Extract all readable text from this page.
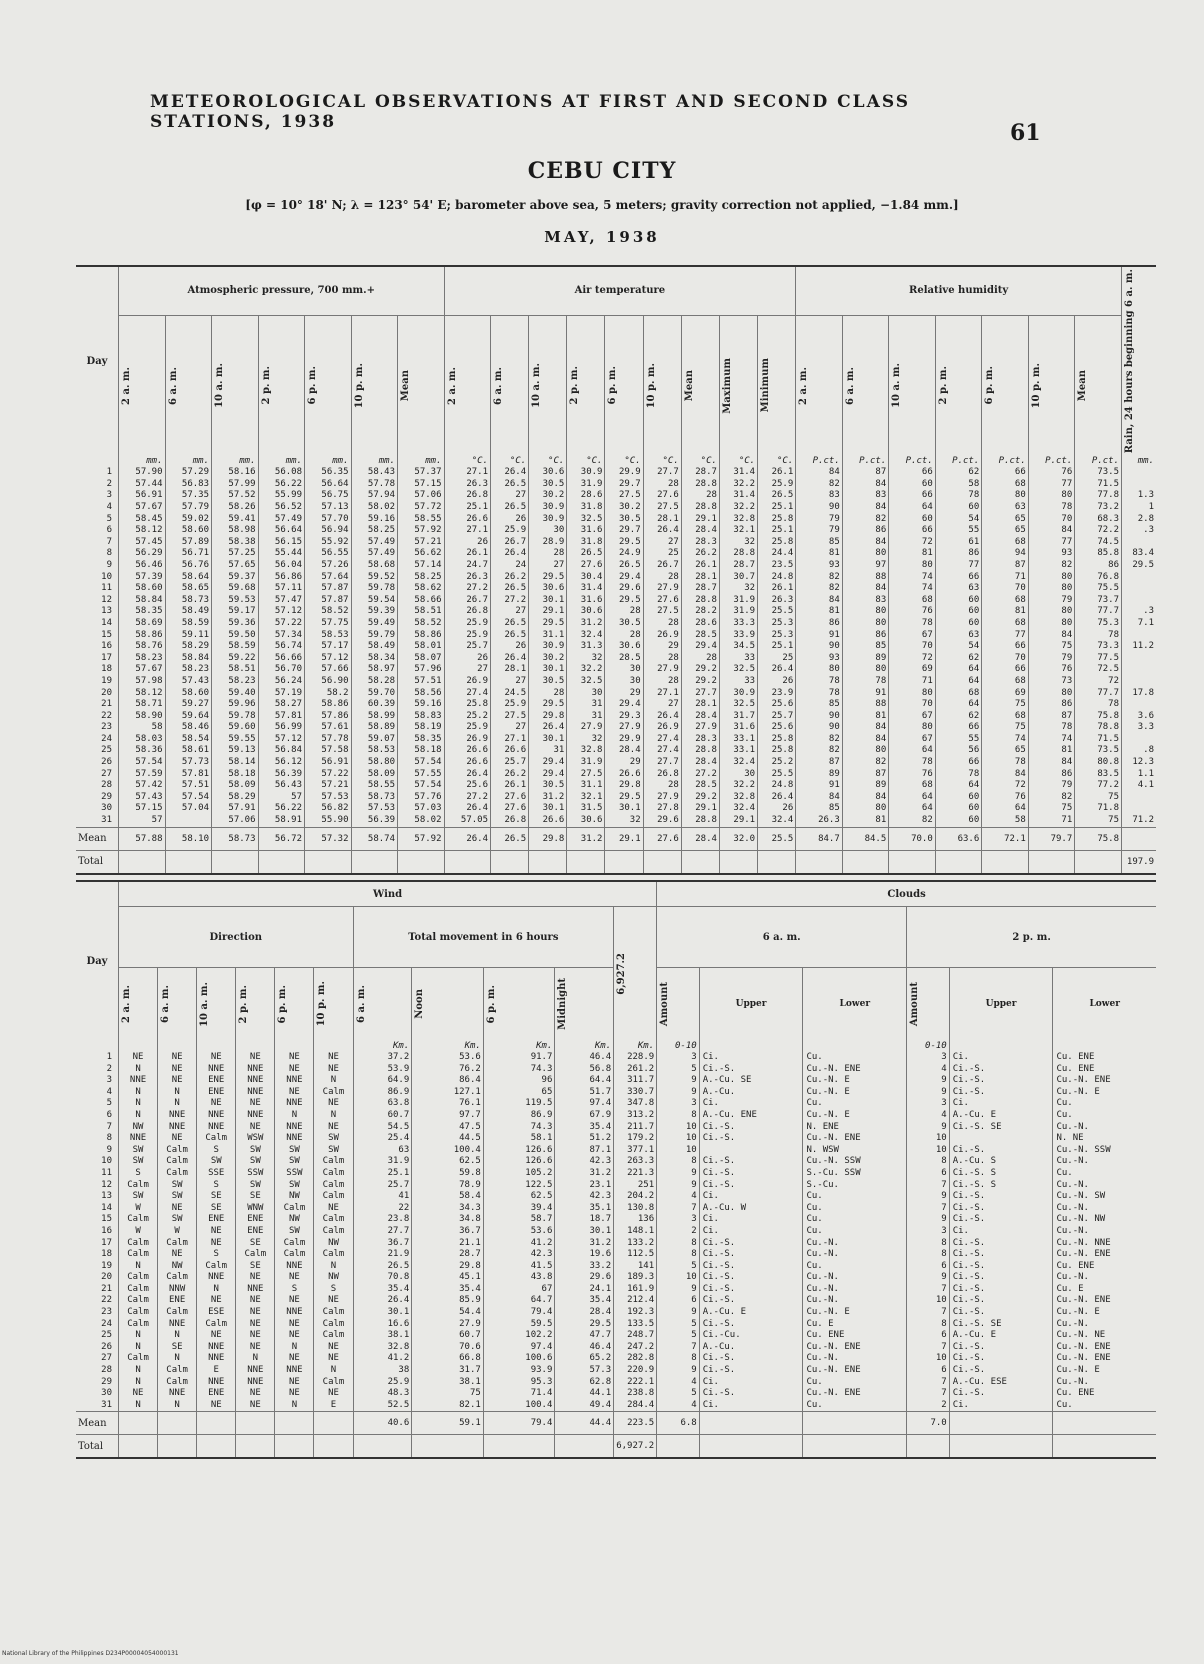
METEOROLOGICAL OBSERVATIONS AT FIRST AND SECOND CLASS STATIONS, 1938	61
CEBU CITY
[φ = 10° 18' N; λ = 123° 54' E; barometer above sea, 5 meters; gravity correction not applied, −1.84 mm.]
MAY, 1938
Day	Atmospheric pressure, 700 mm.+							Air temperature									Relative humidity							Rain, 24 hours beginning 6 a. m.

	2 a. m.	6 a. m.	10 a. m.	2 p. m.	6 p. m.	10 p. m.	Mean	2 a. m.	6 a. m.	10 a. m.	2 p. m.	6 p. m.	10 p. m.	Mean	Maximum	Minimum	2 a. m.	6 a. m.	10 a. m.	2 p. m.	6 p. m.	10 p. m.	Mean	

	mm.	mm.	mm.	mm.	mm.	mm.	mm.	°C.	°C.	°C.	°C.	°C.	°C.	°C.	°C.	°C.	P.ct.	P.ct.	P.ct.	P.ct.	P.ct.	P.ct.	P.ct.	mm.
1	57.90	57.29	58.16	56.08	56.35	58.43	57.37	27.1	26.4	30.6	30.9	29.9	27.7	28.7	31.4	26.1	84	87	66	62	66	76	73.5	
2	57.44	56.83	57.99	56.22	56.64	57.78	57.15	26.3	26.5	30.5	31.9	29.7	28	28.8	32.2	25.9	82	84	60	58	68	77	71.5	
3	56.91	57.35	57.52	55.99	56.75	57.94	57.06	26.8	27	30.2	28.6	27.5	27.6	28	31.4	26.5	83	83	66	78	80	80	77.8	1.3
4	57.67	57.79	58.26	56.52	57.13	58.02	57.72	25.1	26.5	30.9	31.8	30.2	27.5	28.8	32.2	25.1	90	84	64	60	63	78	73.2	1
5	58.45	59.02	59.41	57.49	57.70	59.16	58.55	26.6	26	30.9	32.5	30.5	28.1	29.1	32.8	25.8	79	82	60	54	65	70	68.3	2.8
6	58.12	58.60	58.98	56.64	56.94	58.25	57.92	27.1	25.9	30	31.6	29.7	26.4	28.4	32.1	25.1	79	86	66	55	65	84	72.2	.3
7	57.45	57.89	58.38	56.15	55.92	57.49	57.21	26	26.7	28.9	31.8	29.5	27	28.3	32	25.8	85	84	72	61	68	77	74.5	
8	56.29	56.71	57.25	55.44	56.55	57.49	56.62	26.1	26.4	28	26.5	24.9	25	26.2	28.8	24.4	81	80	81	86	94	93	85.8	83.4
9	56.46	56.76	57.65	56.04	57.26	58.68	57.14	24.7	24	27	27.6	26.5	26.7	26.1	28.7	23.5	93	97	80	77	87	82	86	29.5
10	57.39	58.64	59.37	56.86	57.64	59.52	58.25	26.3	26.2	29.5	30.4	29.4	28	28.1	30.7	24.8	82	88	74	66	71	80	76.8	
11	58.60	58.65	59.68	57.11	57.87	59.78	58.62	27.2	26.5	30.6	31.4	29.6	27.9	28.7	32	26.1	82	84	74	63	70	80	75.5	
12	58.84	58.73	59.53	57.47	57.87	59.54	58.66	26.7	27.2	30.1	31.6	29.5	27.6	28.8	31.9	26.3	84	83	68	60	68	79	73.7	
13	58.35	58.49	59.17	57.12	58.52	59.39	58.51	26.8	27	29.1	30.6	28	27.5	28.2	31.9	25.5	81	80	76	60	81	80	77.7	.3
14	58.69	58.59	59.36	57.22	57.75	59.49	58.52	25.9	26.5	29.5	31.2	30.5	28	28.6	33.3	25.3	86	80	78	60	68	80	75.3	7.1
15	58.86	59.11	59.50	57.34	58.53	59.79	58.86	25.9	26.5	31.1	32.4	28	26.9	28.5	33.9	25.3	91	86	67	63	77	84	78	
16	58.76	58.29	58.59	56.74	57.17	58.49	58.01	25.7	26	30.9	31.3	30.6	29	29.4	34.5	25.1	90	85	70	54	66	75	73.3	11.2
17	58.23	58.84	59.22	56.66	57.12	58.34	58.07	26	26.4	30.2	32	28.5	28	28	33	25	93	89	72	62	70	79	77.5	
18	57.67	58.23	58.51	56.70	57.66	58.97	57.96	27	28.1	30.1	32.2	30	27.9	29.2	32.5	26.4	80	80	69	64	66	76	72.5	
19	57.98	57.43	58.23	56.24	56.90	58.28	57.51	26.9	27	30.5	32.5	30	28	29.2	33	26	78	78	71	64	68	73	72	
20	58.12	58.60	59.40	57.19	58.2	59.70	58.56	27.4	24.5	28	30	29	27.1	27.7	30.9	23.9	78	91	80	68	69	80	77.7	17.8
21	58.71	59.27	59.96	58.27	58.86	60.39	59.16	25.8	25.9	29.5	31	29.4	27	28.1	32.5	25.6	85	88	70	64	75	86	78	
22	58.90	59.64	59.78	57.81	57.86	58.99	58.83	25.2	27.5	29.8	31	29.3	26.4	28.4	31.7	25.7	90	81	67	62	68	87	75.8	3.6
23	58	58.46	59.60	56.99	57.61	58.89	58.19	25.9	27	26.4	27.9	27.9	26.9	27.9	31.6	25.6	90	84	80	66	75	78	78.8	3.3
24	58.03	58.54	59.55	57.12	57.78	59.07	58.35	26.9	27.1	30.1	32	29.9	27.4	28.3	33.1	25.8	82	84	67	55	74	74	71.5	
25	58.36	58.61	59.13	56.84	57.58	58.53	58.18	26.6	26.6	31	32.8	28.4	27.4	28.8	33.1	25.8	82	80	64	56	65	81	73.5	.8
26	57.54	57.73	58.14	56.12	56.91	58.80	57.54	26.6	25.7	29.4	31.9	29	27.7	28.4	32.4	25.2	87	82	78	66	78	84	80.8	12.3
27	57.59	57.81	58.18	56.39	57.22	58.09	57.55	26.4	26.2	29.4	27.5	26.6	26.8	27.2	30	25.5	89	87	76	78	84	86	83.5	1.1
28	57.42	57.51	58.09	56.43	57.21	58.55	57.54	25.6	26.1	30.5	31.1	29.8	28	28.5	32.2	24.8	91	89	68	64	72	79	77.2	4.1
29	57.43	57.54	58.29	57	57.53	58.73	57.76	27.2	27.6	31.2	32.1	29.5	27.9	29.2	32.8	26.4	84	84	64	60	76	82	75	
30	57.15	57.04	57.91	56.22	56.82	57.53	57.03	26.4	27.6	30.1	31.5	30.1	27.8	29.1	32.4	26	85	80	64	60	64	75	71.8	
31	57		57.06	58.91	55.90	56.39	58.02	57.05	26.8	26.6	30.6	32	29.6	28.8	29.1	32.4	26.3	81	82	60	58	71	75	71.2
Mean	57.88	58.10	58.73	56.72	57.32	58.74	57.92	26.4	26.5	29.8	31.2	29.1	27.6	28.4	32.0	25.5	84.7	84.5	70.0	63.6	72.1	79.7	75.8	
Total																								197.9
Day	Wind											Clouds					
	Direction						Total movement in 6 hours				6,927.2	6 a. m.			2 p. m.		

	2 a. m.	6 a. m.	10 a. m.	2 p. m.	6 p. m.	10 p. m.	6 a. m.	Noon	6 p. m.	Midnight		Amount	Upper	Lower	Amount	Upper	Lower
							Km.	Km.	Km.	Km.	Km.	0-10			0-10		
1	NE	NE	NE	NE	NE	NE	37.2	53.6	91.7	46.4	228.9	3	Ci.	Cu.	3	Ci.	Cu. ENE
2	N	NE	NNE	NNE	NE	NE	53.9	76.2	74.3	56.8	261.2	5	Ci.-S.	Cu.-N. ENE	4	Ci.-S.	Cu. ENE
3	NNE	NE	ENE	NNE	NNE	N	64.9	86.4	96	64.4	311.7	9	A.-Cu. SE	Cu.-N. E	9	Ci.-S.	Cu.-N. ENE
4	N	N	ENE	NNE	NE	Calm	86.9	127.1	65	51.7	330.7	9	A.-Cu.	Cu.-N. E	9	Ci.-S.	Cu.-N. E
5	N	N	NE	NE	NNE	NE	63.8	76.1	119.5	97.4	347.8	3	Ci.	Cu.	3	Ci.	Cu.
6	N	NNE	NNE	NNE	N	N	60.7	97.7	86.9	67.9	313.2	8	A.-Cu. ENE	Cu.-N. E	4	A.-Cu. E	Cu.
7	NW	NNE	NNE	NE	NNE	NE	54.5	47.5	74.3	35.4	211.7	10	Ci.-S.	N. ENE	9	Ci.-S. SE	Cu.-N.
8	NNE	NE	Calm	WSW	NNE	SW	25.4	44.5	58.1	51.2	179.2	10	Ci.-S.	Cu.-N. ENE	10		N. NE
9	SW	Calm	S	SW	SW	SW	63	100.4	126.6	87.1	377.1	10		N. WSW	10	Ci.-S.	Cu.-N. SSW
10	SW	Calm	SW	SW	SW	Calm	31.9	62.5	126.6	42.3	263.3	8	Ci.-S.	Cu.-N. SSW	8	A.-Cu. S	Cu.-N.
11	S	Calm	SSE	SSW	SSW	Calm	25.1	59.8	105.2	31.2	221.3	9	Ci.-S.	S.-Cu. SSW	6	Ci.-S. S	Cu.
12	Calm	SW	S	SW	SW	Calm	25.7	78.9	122.5	23.1	251	9	Ci.-S.	S.-Cu.	7	Ci.-S. S	Cu.-N.
13	SW	SW	SE	SE	NW	Calm	41	58.4	62.5	42.3	204.2	4	Ci.	Cu.	9	Ci.-S.	Cu.-N. SW
14	W	NE	SE	WNW	Calm	NE	22	34.3	39.4	35.1	130.8	7	A.-Cu. W	Cu.	7	Ci.-S.	Cu.-N.
15	Calm	SW	ENE	ENE	NW	Calm	23.8	34.8	58.7	18.7	136	3	Ci.	Cu.	9	Ci.-S.	Cu.-N. NW
16	W	W	NE	ENE	SW	Calm	27.7	36.7	53.6	30.1	148.1	2	Ci.	Cu.	3	Ci.	Cu.-N.
17	Calm	Calm	NE	SE	Calm	NW	36.7	21.1	41.2	31.2	133.2	8	Ci.-S.	Cu.-N.	8	Ci.-S.	Cu.-N. NNE
18	Calm	NE	S	Calm	Calm	Calm	21.9	28.7	42.3	19.6	112.5	8	Ci.-S.	Cu.-N.	8	Ci.-S.	Cu.-N. ENE
19	N	NW	Calm	SE	NNE	N	26.5	29.8	41.5	33.2	141	5	Ci.-S.	Cu.	6	Ci.-S.	Cu. ENE
20	Calm	Calm	NNE	NE	NE	NW	70.8	45.1	43.8	29.6	189.3	10	Ci.-S.	Cu.-N.	9	Ci.-S.	Cu.-N.
21	Calm	NNW	N	NNE	S	S	35.4	35.4	67	24.1	161.9	9	Ci.-S.	Cu.-N.	7	Ci.-S.	Cu. E
22	Calm	ENE	NE	NE	NE	NE	26.4	85.9	64.7	35.4	212.4	6	Ci.-S.	Cu.-N.	10	Ci.-S.	Cu.-N. ENE
23	Calm	Calm	ESE	NE	NNE	Calm	30.1	54.4	79.4	28.4	192.3	9	A.-Cu. E	Cu.-N. E	7	Ci.-S.	Cu.-N. E
24	Calm	NNE	Calm	NE	NE	Calm	16.6	27.9	59.5	29.5	133.5	5	Ci.-S.	Cu. E	8	Ci.-S. SE	Cu.-N.
25	N	N	NE	NE	NE	Calm	38.1	60.7	102.2	47.7	248.7	5	Ci.-Cu.	Cu. ENE	6	A.-Cu. E	Cu.-N. NE
26	N	SE	NNE	NE	N	NE	32.8	70.6	97.4	46.4	247.2	7	A.-Cu.	Cu.-N. ENE	7	Ci.-S.	Cu.-N. ENE
27	Calm	N	NNE	N	NE	NE	41.2	66.8	100.6	65.2	282.8	8	Ci.-S.	Cu.-N.	10	Ci.-S.	Cu.-N. ENE
28	N	Calm	E	NNE	NNE	N	38	31.7	93.9	57.3	220.9	9	Ci.-S.	Cu.-N. ENE	6	Ci.-S.	Cu.-N. E
29	N	Calm	NNE	NNE	NE	Calm	25.9	38.1	95.3	62.8	222.1	4	Ci.	Cu.	7	A.-Cu. ESE	Cu.-N.
30	NE	NNE	ENE	NE	NE	NE	48.3	75	71.4	44.1	238.8	5	Ci.-S.	Cu.-N. ENE	7	Ci.-S.	Cu. ENE
31	N	N	NE	NE	N	E	52.5	82.1	100.4	49.4	284.4	4	Ci.	Cu.	2	Ci.	Cu.
Mean							40.6	59.1	79.4	44.4	223.5	6.8			7.0		
Total											6,927.2						
National Library of the Philippines D234P00004054000131
